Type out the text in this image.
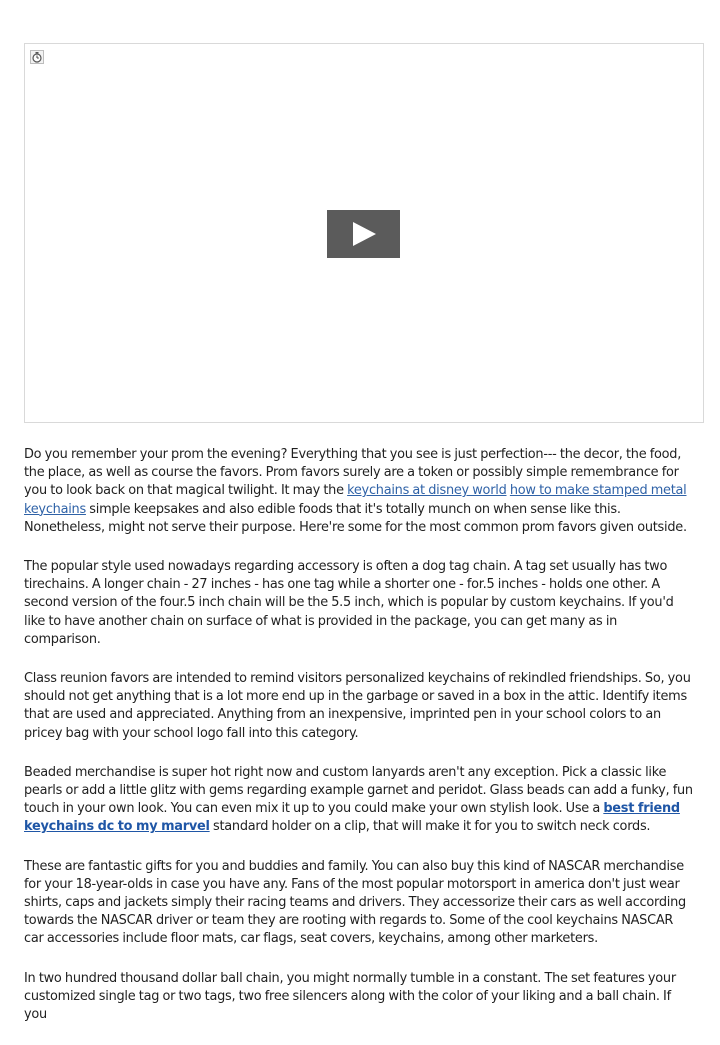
Do you remember your prom the evening? Everything that you see is just perfection--- the decor, the food, the place, as well as course the favors. Prom favors surely are a token or possibly simple remembrance for you to look back on that magical twilight. It may the keychains at disney world how to make stamped metal keychains simple keepsakes and also edible foods that it's totally munch on when sense like this. Nonetheless, might not serve their purpose. Here're some for the most common prom favors given outside.

The popular style used nowadays regarding accessory is often a dog tag chain. A tag set usually has two tirechains. A longer chain - 27 inches - has one tag while a shorter one - for.5 inches - holds one other. A second version of the four.5 inch chain will be the 5.5 inch, which is popular by custom keychains. If you'd like to have another chain on surface of what is provided in the package, you can get many as in comparison.

Class reunion favors are intended to remind visitors personalized keychains of rekindled friendships. So, you should not get anything that is a lot more end up in the garbage or saved in a box in the attic. Identify items that are used and appreciated. Anything from an inexpensive, imprinted pen in your school colors to an pricey bag with your school logo fall into this category.

Beaded merchandise is super hot right now and custom lanyards aren't any exception. Pick a classic like pearls or add a little glitz with gems regarding example garnet and peridot. Glass beads can add a funky, fun touch in your own look. You can even mix it up to you could make your own stylish look. Use a best friend keychains dc to my marvel standard holder on a clip, that will make it for you to switch neck cords.

These are fantastic gifts for you and buddies and family. You can also buy this kind of NASCAR merchandise for your 18-year-olds in case you have any. Fans of the most popular motorsport in america don't just wear shirts, caps and jackets simply their racing teams and drivers. They accessorize their cars as well according towards the NASCAR driver or team they are rooting with regards to. Some of the cool keychains NASCAR car accessories include floor mats, car flags, seat covers, keychains, among other marketers.

In two hundred thousand dollar ball chain, you might normally tumble in a constant. The set features your customized single tag or two tags, two free silencers along with the color of your liking and a ball chain. If you
